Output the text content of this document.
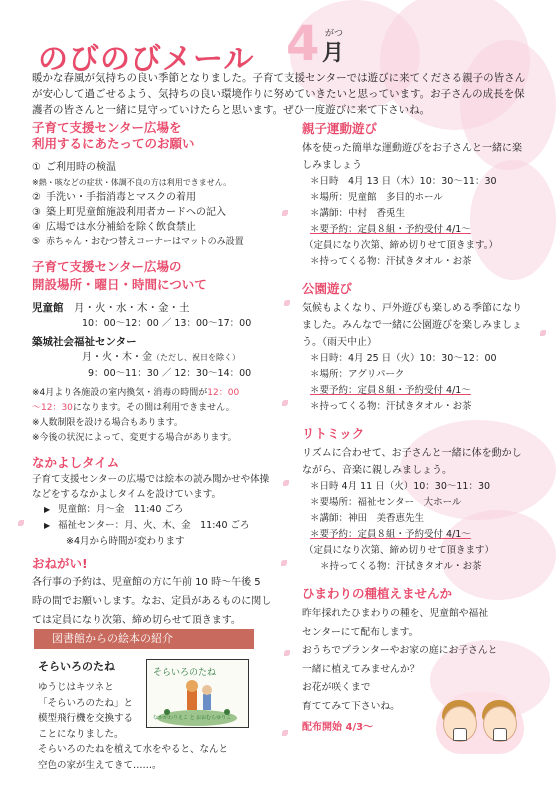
のびのびメール 4 がつ
月
暖かな春風が気持ちの良い季節となりました。子育て支援センターでは遊びに来てくださる親子の皆さんが安心して過ごせるよう、気持ちの良い環境作りに努めていきたいと思っています。お子さんの成長を保護者の皆さんと一緒に見守っていけたらと思います。ぜひ一度遊びに来て下さいね。
子育て支援センター広場を
利用するにあたってのお願い
① ご利用時の検温
※熱・咳などの症状・体調不良の方は利用できません。
② 手洗い・手指消毒とマスクの着用
③ 築上町児童館施設利用者カードへの記入
④ 広場では水分補給を除く飲食禁止
⑤ 赤ちゃん・おむつ替えコーナーはマットのみ設置
子育て支援センター広場の
開設場所・曜日・時間について
児童館　 月・火・水・木・金・土
10：00～12：00 ／ 13：00～17：00
築城社会福祉センター
月・火・木・金（ただし、祝日を除く）
9：00～11：30 ／ 12：30～14：00
※4月より各施設の室内換気・消毒の時間が12：00
～12：30になります。その間は利用できません。
※人数制限を設ける場合もあります。
※今後の状況によって、変更する場合があります。
なかよしタイム
子育て支援センターの広場では絵本の読み聞かせや体操などをするなかよしタイムを設けています。
▶ 児童館：月～金　11:40 ごろ
▶ 福祉センター：月、火、木、金　11:40 ごろ
※4月から時間が変わります
おねがい!
各行事の予約は、児童館の方に午前 10 時～午後 5 時の間でお願いします。なお、定員があるものに関しては定員になり次第、締め切らせて頂きます。
図書館からの絵本の紹介
そらいろのたね
ゆうじはキツネと
「そらいろのたね」と
模型飛行機を交換する
ことになりました。
そらいろのたねを植えて水をやると、なんと
空色の家が生えてきて……。
そらいろのたね
なかがわりえこ と おおむらゆりこ
親子運動遊び
体を使った簡単な運動遊びをお子さんと一緒に楽しみましょう
＊日時　4月 13 日（木）10：30～11：30
＊場所：児童館　多目的ホール
＊講師：中村　香兎生
＊要予約：定員８組・予約受付 4/1～
（定員になり次第、締め切りせて頂きます。）
＊持ってくる物：汗拭きタオル・お茶
公園遊び
気候もよくなり、戸外遊びも楽しめる季節になりました。みんなで一緒に公園遊びを楽しみましょう。（雨天中止）
＊日時：4月 25 日（火）10：30～12：00
＊場所：アグリパーク
＊要予約：定員８組・予約受付 4/1～
＊持ってくる物：汗拭きタオル・お茶
リトミック
リズムに合わせて、お子さんと一緒に体を動かしながら、音楽に親しみましょう。
＊日時 4月 11 日（火）10：30～11：30
＊要場所：福祉センター　大ホール
＊講師：神田　美香恵先生
＊要予約：定員８組・予約受付 4/1～
（定員になり次第、締め切りせて頂きます）
＊持ってくる物：汗拭きタオル・お茶
ひまわりの種植えませんか
昨年採れたひまわりの種を、児童館や福祉
センターにて配布します。
おうちでプランターやお家の庭にお子さんと
一緒に植えてみませんか？
お花が咲くまで
育ててみて下さいね。
配布開始 4/3～
